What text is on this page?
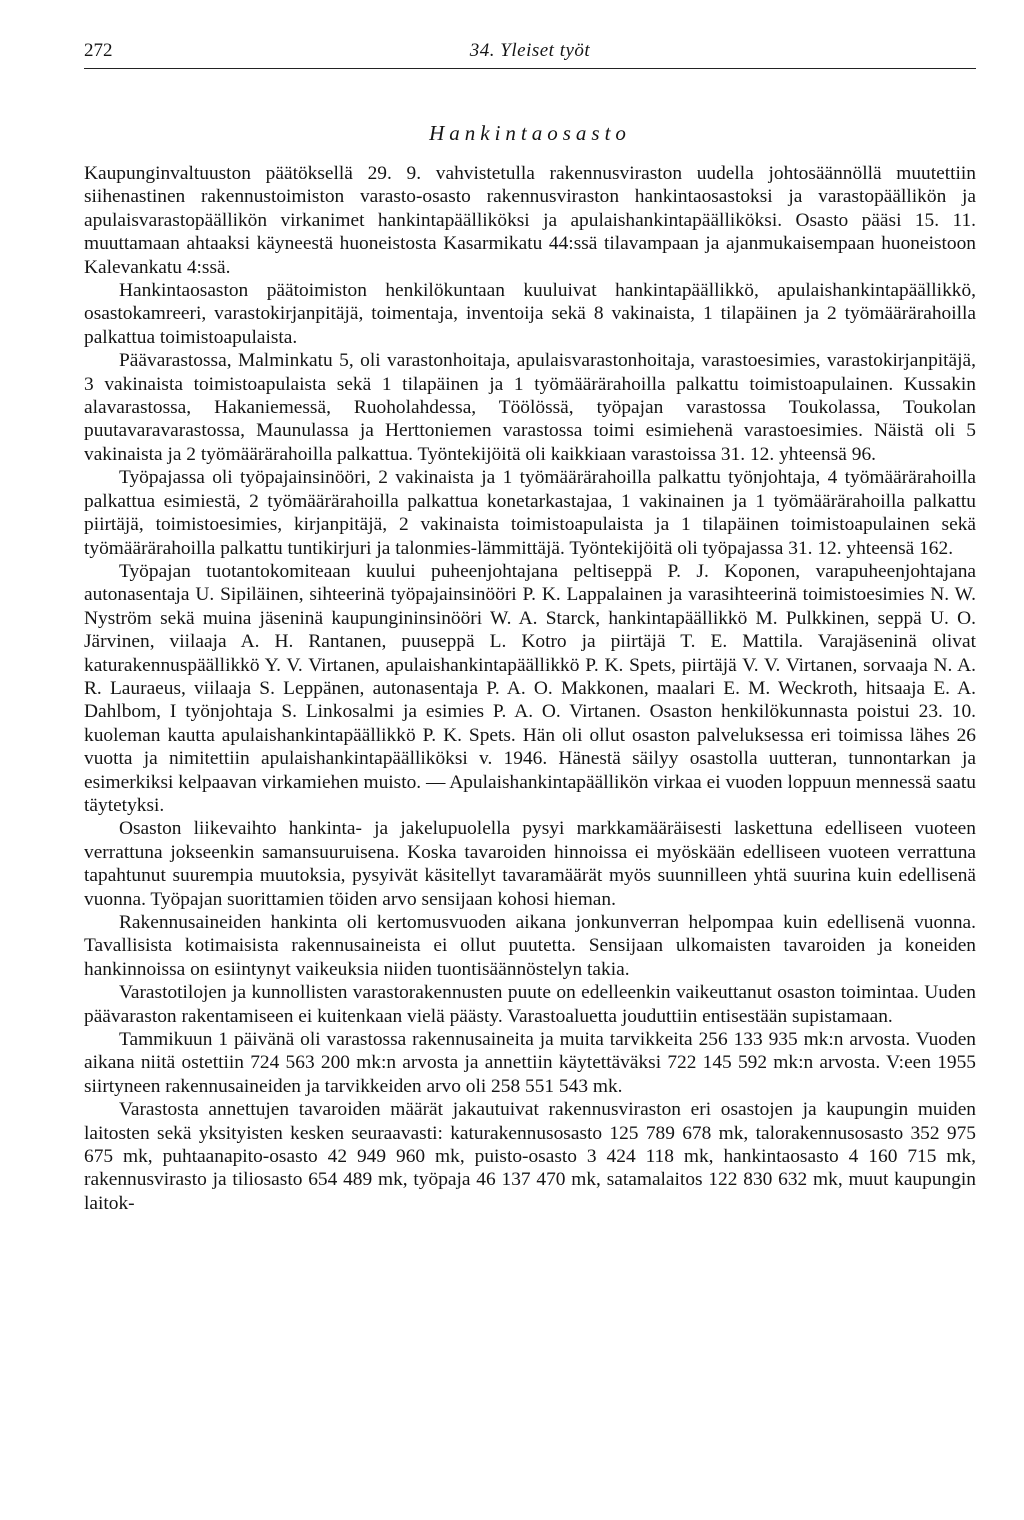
272	34. Yleiset työt
Hankintaosasto

Kaupunginvaltuuston päätöksellä 29. 9. vahvistetulla rakennusviraston uudella johtosäännöllä muutettiin siihenastinen rakennustoimiston varasto-osasto rakennusviraston hankintaosastoksi ja varastopäällikön ja apulaisvarastopäällikön virkanimet hankintapäälliköksi ja apulaishankintapäälliköksi. Osasto pääsi 15. 11. muuttamaan ahtaaksi käyneestä huoneistosta Kasarmikatu 44:ssä tilavampaan ja ajanmukaisempaan huoneistoon Kalevankatu 4:ssä.

Hankintaosaston päätoimiston henkilökuntaan kuuluivat hankintapäällikkö, apulaishankintapäällikkö, osastokamreeri, varastokirjanpitäjä, toimentaja, inventoija sekä 8 vakinaista, 1 tilapäinen ja 2 työmäärärahoilla palkattua toimistoapulaista.

Päävarastossa, Malminkatu 5, oli varastonhoitaja, apulaisvarastonhoitaja, varastoesimies, varastokirjanpitäjä, 3 vakinaista toimistoapulaista sekä 1 tilapäinen ja 1 työmäärärahoilla palkattu toimistoapulainen. Kussakin alavarastossa, Hakaniemessä, Ruoholahdessa, Töölössä, työpajan varastossa Toukolassa, Toukolan puutavaravarastossa, Maunulassa ja Herttoniemen varastossa toimi esimiehenä varastoesimies. Näistä oli 5 vakinaista ja 2 työmäärärahoilla palkattua. Työntekijöitä oli kaikkiaan varastoissa 31. 12. yhteensä 96.

Työpajassa oli työpajainsinööri, 2 vakinaista ja 1 työmäärärahoilla palkattu työnjohtaja, 4 työmäärärahoilla palkattua esimiestä, 2 työmäärärahoilla palkattua konetarkastajaa, 1 vakinainen ja 1 työmäärärahoilla palkattu piirtäjä, toimistoesimies, kirjanpitäjä, 2 vakinaista toimistoapulaista ja 1 tilapäinen toimistoapulainen sekä työmäärärahoilla palkattu tuntikirjuri ja talonmies-lämmittäjä. Työntekijöitä oli työpajassa 31. 12. yhteensä 162.

Työpajan tuotantokomiteaan kuului puheenjohtajana peltiseppä P. J. Koponen, varapuheenjohtajana autonasentaja U. Sipiläinen, sihteerinä työpajainsinööri P. K. Lappalainen ja varasihteerinä toimistoesimies N. W. Nyström sekä muina jäseninä kaupungininsinööri W. A. Starck, hankintapäällikkö M. Pulkkinen, seppä U. O. Järvinen, viilaaja A. H. Rantanen, puuseppä L. Kotro ja piirtäjä T. E. Mattila. Varajäseninä olivat katurakennuspäällikkö Y. V. Virtanen, apulaishankintapäällikkö P. K. Spets, piirtäjä V. V. Virtanen, sorvaaja N. A. R. Lauraeus, viilaaja S. Leppänen, autonasentaja P. A. O. Makkonen, maalari E. M. Weckroth, hitsaaja E. A. Dahlbom, I työnjohtaja S. Linkosalmi ja esimies P. A. O. Virtanen. Osaston henkilökunnasta poistui 23. 10. kuoleman kautta apulaishankintapäällikkö P. K. Spets. Hän oli ollut osaston palveluksessa eri toimissa lähes 26 vuotta ja nimitettiin apulaishankintapäälliköksi v. 1946. Hänestä säilyy osastolla uutteran, tunnontarkan ja esimerkiksi kelpaavan virkamiehen muisto. — Apulaishankintapäällikön virkaa ei vuoden loppuun mennessä saatu täytetyksi.

Osaston liikevaihto hankinta- ja jakelupuolella pysyi markkamääräisesti laskettuna edelliseen vuoteen verrattuna jokseenkin samansuuruisena. Koska tavaroiden hinnoissa ei myöskään edelliseen vuoteen verrattuna tapahtunut suurempia muutoksia, pysyivät käsitellyt tavaramäärät myös suunnilleen yhtä suurina kuin edellisenä vuonna. Työpajan suorittamien töiden arvo sensijaan kohosi hieman.

Rakennusaineiden hankinta oli kertomusvuoden aikana jonkunverran helpompaa kuin edellisenä vuonna. Tavallisista kotimaisista rakennusaineista ei ollut puutetta. Sensijaan ulkomaisten tavaroiden ja koneiden hankinnoissa on esiintynyt vaikeuksia niiden tuontisäännöstelyn takia.

Varastotilojen ja kunnollisten varastorakennusten puute on edelleenkin vaikeuttanut osaston toimintaa. Uuden päävaraston rakentamiseen ei kuitenkaan vielä päästy. Varastoaluetta jouduttiin entisestään supistamaan.

Tammikuun 1 päivänä oli varastossa rakennusaineita ja muita tarvikkeita 256 133 935 mk:n arvosta. Vuoden aikana niitä ostettiin 724 563 200 mk:n arvosta ja annettiin käytettäväksi 722 145 592 mk:n arvosta. V:een 1955 siirtyneen rakennusaineiden ja tarvikkeiden arvo oli 258 551 543 mk.

Varastosta annettujen tavaroiden määrät jakautuivat rakennusviraston eri osastojen ja kaupungin muiden laitosten sekä yksityisten kesken seuraavasti: katurakennusosasto 125 789 678 mk, talorakennusosasto 352 975 675 mk, puhtaanapito-osasto 42 949 960 mk, puisto-osasto 3 424 118 mk, hankintaosasto 4 160 715 mk, rakennusvirasto ja tiliosasto 654 489 mk, työpaja 46 137 470 mk, satamalaitos 122 830 632 mk, muut kaupungin laitok-
